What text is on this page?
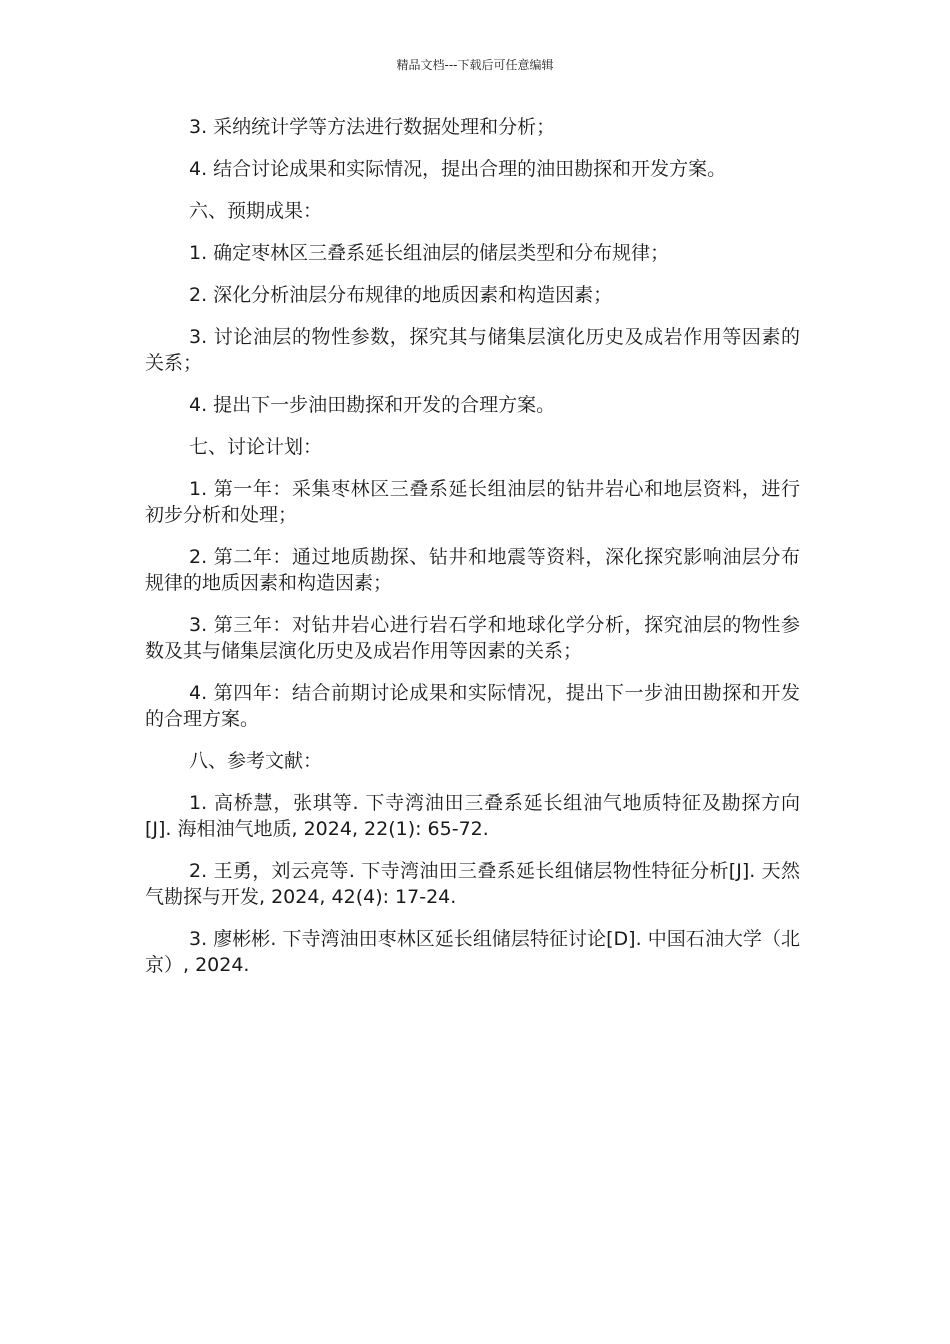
精品文档---下载后可任意编辑

3. 采纳统计学等方法进行数据处理和分析；

4. 结合讨论成果和实际情况，提出合理的油田勘探和开发方案。

六、预期成果：

1. 确定枣林区三叠系延长组油层的储层类型和分布规律；

2. 深化分析油层分布规律的地质因素和构造因素；

3. 讨论油层的物性参数，探究其与储集层演化历史及成岩作用等因素的关系；

4. 提出下一步油田勘探和开发的合理方案。

七、讨论计划：

1. 第一年：采集枣林区三叠系延长组油层的钻井岩心和地层资料，进行初步分析和处理；

2. 第二年：通过地质勘探、钻井和地震等资料，深化探究影响油层分布规律的地质因素和构造因素；

3. 第三年：对钻井岩心进行岩石学和地球化学分析，探究油层的物性参数及其与储集层演化历史及成岩作用等因素的关系；

4. 第四年：结合前期讨论成果和实际情况，提出下一步油田勘探和开发的合理方案。

八、参考文献：

1. 高桥慧，张琪等. 下寺湾油田三叠系延长组油气地质特征及勘探方向[J]. 海相油气地质, 2024, 22(1): 65-72.

2. 王勇，刘云亮等. 下寺湾油田三叠系延长组储层物性特征分析[J]. 天然气勘探与开发, 2024, 42(4): 17-24.

3. 廖彬彬. 下寺湾油田枣林区延长组储层特征讨论[D]. 中国石油大学（北京）, 2024.
